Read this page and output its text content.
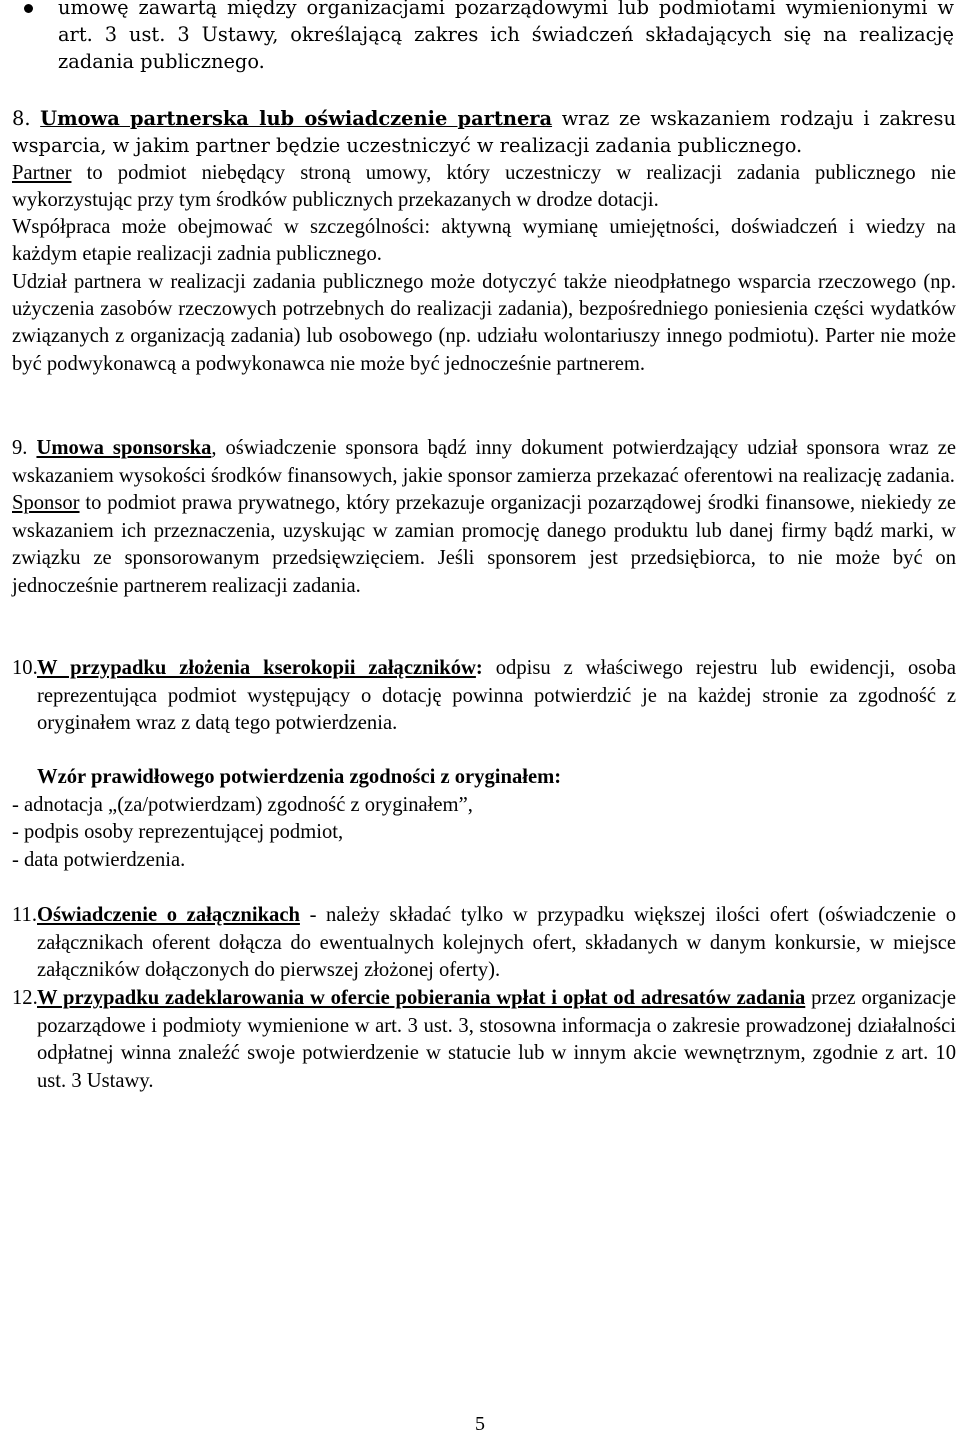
umowę zawartą między organizacjami pozarządowymi lub podmiotami wymienionymi w art. 3 ust. 3 Ustawy, określającą zakres ich świadczeń składających się na realizację zadania publicznego.

8. Umowa partnerska lub oświadczenie partnera wraz ze wskazaniem rodzaju i zakresu wsparcia, w jakim partner będzie uczestniczyć w realizacji zadania publicznego.

Partner to podmiot niebędący stroną umowy, który uczestniczy w realizacji zadania publicznego nie wykorzystując przy tym środków publicznych przekazanych w drodze dotacji.

Współpraca może obejmować w szczególności: aktywną wymianę umiejętności, doświadczeń i wiedzy na każdym etapie realizacji zadnia publicznego.

Udział partnera w realizacji zadania publicznego może dotyczyć także nieodpłatnego wsparcia rzeczowego (np. użyczenia zasobów rzeczowych potrzebnych do realizacji zadania), bezpośredniego poniesienia części wydatków związanych z organizacją zadania) lub osobowego (np. udziału wolontariuszy innego podmiotu). Parter nie może być podwykonawcą a podwykonawca nie może być jednocześnie partnerem.

9. Umowa sponsorska, oświadczenie sponsora bądź inny dokument potwierdzający udział sponsora wraz ze wskazaniem wysokości środków finansowych, jakie sponsor zamierza przekazać oferentowi na realizację zadania.

Sponsor to podmiot prawa prywatnego, który przekazuje organizacji pozarządowej środki finansowe, niekiedy ze wskazaniem ich przeznaczenia, uzyskując w zamian promocję danego produktu lub danej firmy bądź marki, w związku ze sponsorowanym przedsięwzięciem. Jeśli sponsorem jest przedsiębiorca, to nie może być on jednocześnie partnerem realizacji zadania.

10. W przypadku złożenia kserokopii załączników: odpisu z właściwego rejestru lub ewidencji, osoba reprezentująca podmiot występujący o dotację powinna potwierdzić je na każdej stronie za zgodność z oryginałem wraz z datą tego potwierdzenia.

Wzór prawidłowego potwierdzenia zgodności z oryginałem:

- adnotacja „(za/potwierdzam) zgodność z oryginałem”,

- podpis osoby reprezentującej podmiot,

- data potwierdzenia.

11. Oświadczenie o załącznikach - należy składać tylko w przypadku większej ilości ofert (oświadczenie o załącznikach oferent dołącza do ewentualnych kolejnych ofert, składanych w danym konkursie, w miejsce załączników dołączonych do pierwszej złożonej oferty).

12. W przypadku zadeklarowania w ofercie pobierania wpłat i opłat od adresatów zadania przez organizacje pozarządowe i podmioty wymienione w art. 3 ust. 3, stosowna informacja o zakresie prowadzonej działalności odpłatnej winna znaleźć swoje potwierdzenie w statucie lub w innym akcie wewnętrznym, zgodnie z art. 10 ust. 3 Ustawy.

5
